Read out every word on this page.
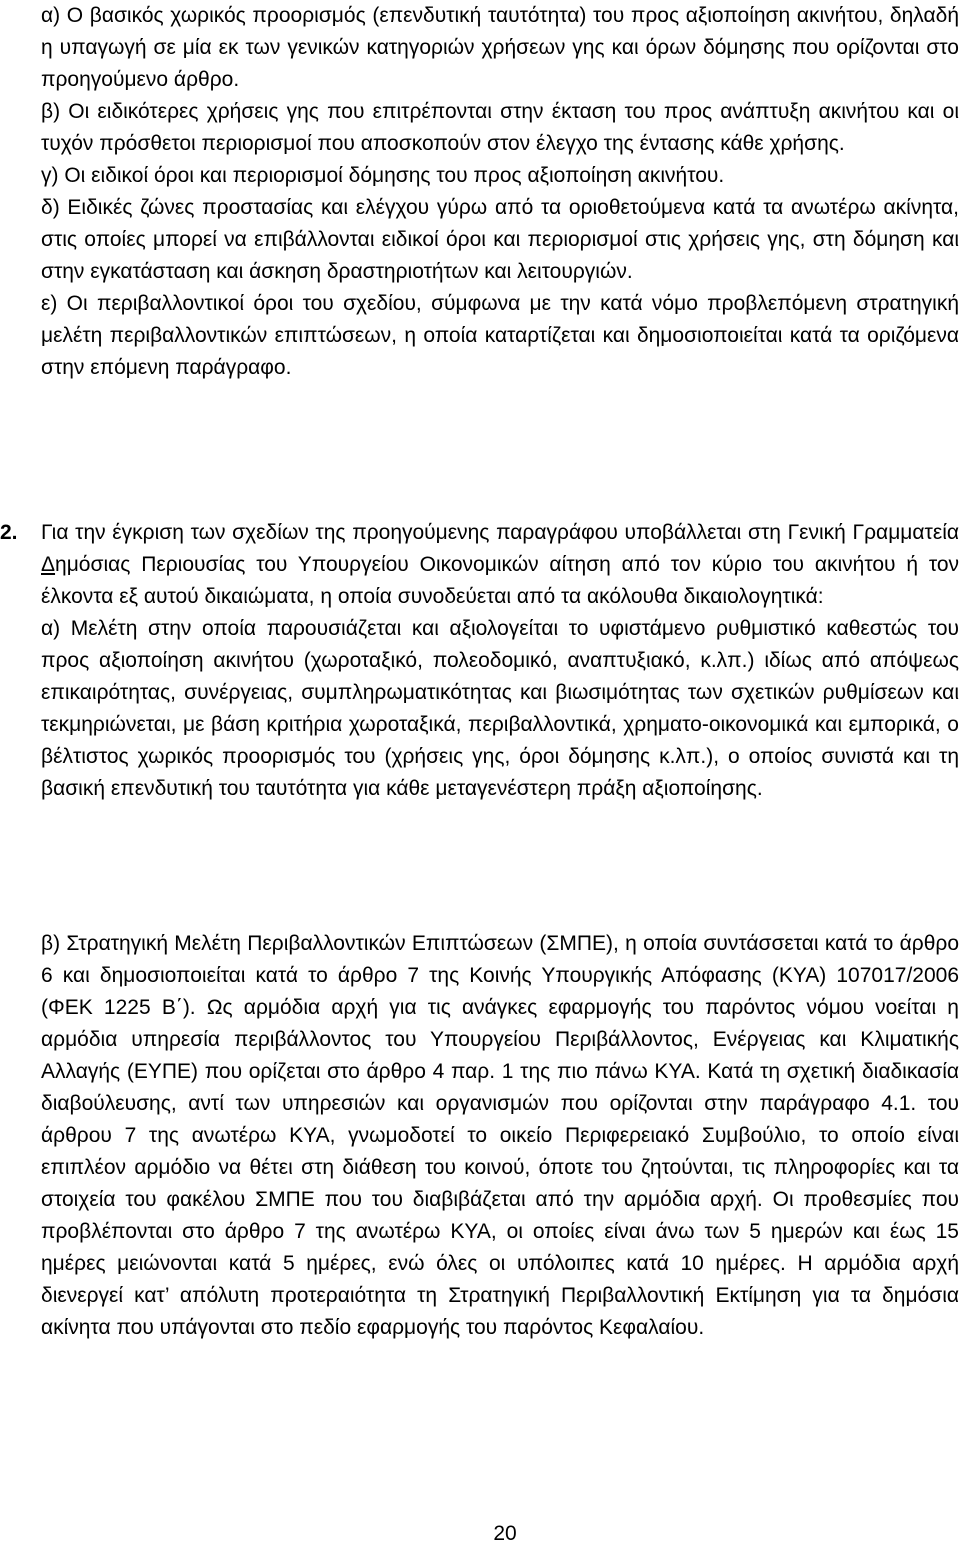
α) Ο βασικός χωρικός προορισμός (επενδυτική ταυτότητα) του προς αξιοποίηση ακινήτου, δηλαδή η υπαγωγή σε μία εκ των γενικών κατηγοριών χρήσεων γης και όρων δόμησης που ορίζονται στο προηγούμενο άρθρο.

β) Οι ειδικότερες χρήσεις γης που επιτρέπονται στην έκταση του προς ανάπτυξη ακινήτου και οι τυχόν πρόσθετοι περιορισμοί που αποσκοπούν στον έλεγχο της έντασης κάθε χρήσης.

γ) Οι ειδικοί όροι και περιορισμοί δόμησης του προς αξιοποίηση ακινήτου.

δ) Ειδικές ζώνες προστασίας και ελέγχου γύρω από τα οριοθετούμενα κατά τα ανωτέρω ακίνητα, στις οποίες μπορεί να επιβάλλονται ειδικοί όροι και περιορισμοί στις χρήσεις γης, στη δόμηση και στην εγκατάσταση και άσκηση δραστηριοτήτων και λειτουργιών.

ε) Οι περιβαλλοντικοί όροι του σχεδίου, σύμφωνα με την κατά νόμο προβλεπόμενη στρατηγική μελέτη περιβαλλοντικών επιπτώσεων, η οποία καταρτίζεται και δημοσιοποιείται κατά τα οριζόμενα στην επόμενη παράγραφο.

2. Για την έγκριση των σχεδίων της προηγούμενης παραγράφου υποβάλλεται στη Γενική Γραμματεία Δημόσιας Περιουσίας του Υπουργείου Οικονομικών αίτηση από τον κύριο του ακινήτου ή τον έλκοντα εξ αυτού δικαιώματα, η οποία συνοδεύεται από τα ακόλουθα δικαιολογητικά:

α) Μελέτη στην οποία παρουσιάζεται και αξιολογείται το υφιστάμενο ρυθμιστικό καθεστώς του προς αξιοποίηση ακινήτου (χωροταξικό, πολεοδομικό, αναπτυξιακό, κ.λπ.) ιδίως από απόψεως επικαιρότητας, συνέργειας, συμπληρωματικότητας και βιωσιμότητας των σχετικών ρυθμίσεων και τεκμηριώνεται, με βάση κριτήρια χωροταξικά, περιβαλλοντικά, χρηματο-οικονομικά και εμπορικά, ο βέλτιστος χωρικός προορισμός του (χρήσεις γης, όροι δόμησης κ.λπ.), ο οποίος συνιστά και τη βασική επενδυτική του ταυτότητα για κάθε μεταγενέστερη πράξη αξιοποίησης.

β) Στρατηγική Μελέτη Περιβαλλοντικών Επιπτώσεων (ΣΜΠΕ), η οποία συντάσσεται κατά το άρθρο 6 και δημοσιοποιείται κατά το άρθρο 7 της Κοινής Υπουργικής Απόφασης (ΚΥΑ) 107017/2006 (ΦΕΚ 1225 Β΄). Ως αρμόδια αρχή για τις ανάγκες εφαρμογής του παρόντος νόμου νοείται η αρμόδια υπηρεσία περιβάλλοντος του Υπουργείου Περιβάλλοντος, Ενέργειας και Κλιματικής Αλλαγής (ΕΥΠΕ) που ορίζεται στο άρθρο 4 παρ. 1 της πιο πάνω ΚΥΑ. Κατά τη σχετική διαδικασία διαβούλευσης, αντί των υπηρεσιών και οργανισμών που ορίζονται στην παράγραφο 4.1. του άρθρου 7 της ανωτέρω ΚΥΑ, γνωμοδοτεί το οικείο Περιφερειακό Συμβούλιο, το οποίο είναι επιπλέον αρμόδιο να θέτει στη διάθεση του κοινού, όποτε του ζητούνται, τις πληροφορίες και τα στοιχεία του φακέλου ΣΜΠΕ που του διαβιβάζεται από την αρμόδια αρχή. Οι προθεσμίες που προβλέπονται στο άρθρο 7 της ανωτέρω ΚΥΑ, οι οποίες είναι άνω των 5 ημερών και έως 15 ημέρες μειώνονται κατά 5 ημέρες, ενώ όλες οι υπόλοιπες κατά 10 ημέρες. Η αρμόδια αρχή διενεργεί κατ’ απόλυτη προτεραιότητα τη Στρατηγική Περιβαλλοντική Εκτίμηση για τα δημόσια ακίνητα που υπάγονται στο πεδίο εφαρμογής του παρόντος Κεφαλαίου.

20
